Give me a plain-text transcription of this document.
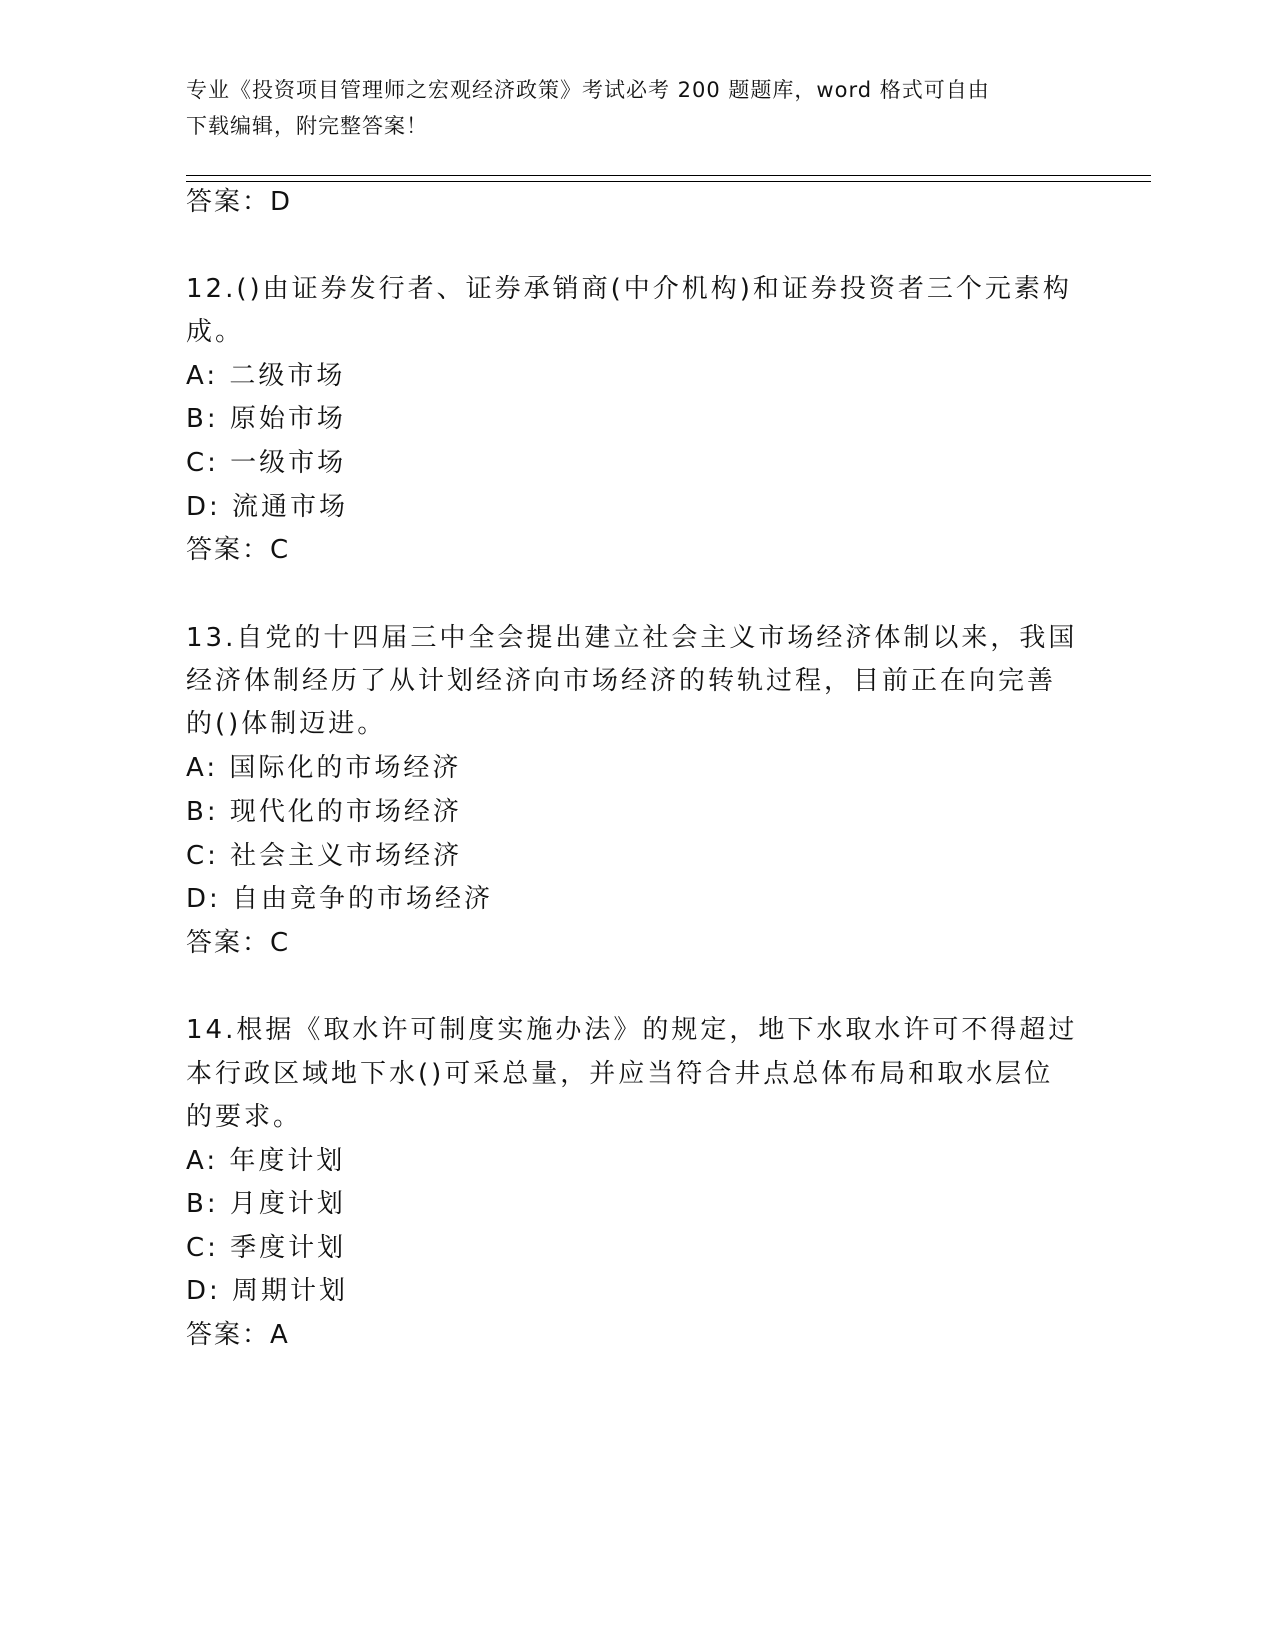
专业《投资项目管理师之宏观经济政策》考试必考 200 题题库，word 格式可自由
下载编辑，附完整答案！
答案：D
12.()由证券发行者、证券承销商(中介机构)和证券投资者三个元素构
成。
A: 二级市场
B: 原始市场
C: 一级市场
D: 流通市场
答案：C
13.自党的十四届三中全会提出建立社会主义市场经济体制以来，我国
经济体制经历了从计划经济向市场经济的转轨过程，目前正在向完善
的()体制迈进。
A: 国际化的市场经济
B: 现代化的市场经济
C: 社会主义市场经济
D: 自由竞争的市场经济
答案：C
14.根据《取水许可制度实施办法》的规定，地下水取水许可不得超过
本行政区域地下水()可采总量，并应当符合井点总体布局和取水层位
的要求。
A: 年度计划
B: 月度计划
C: 季度计划
D: 周期计划
答案：A
